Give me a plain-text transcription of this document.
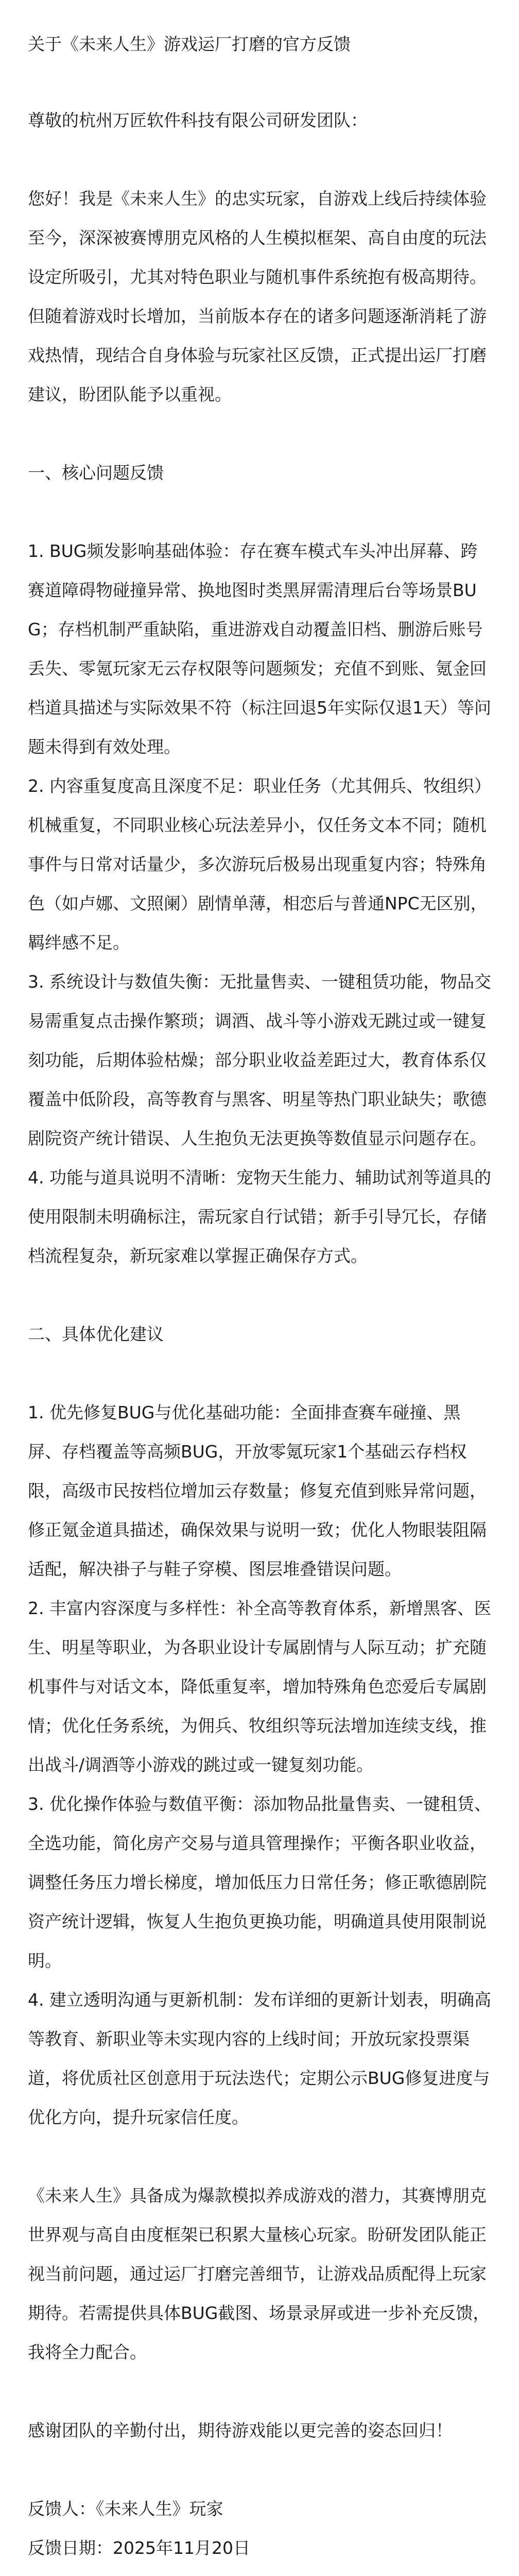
关于《未来人生》游戏运厂打磨的官方反馈

尊敬的杭州万匠软件科技有限公司研发团队：

您好！我是《未来人生》的忠实玩家，自游戏上线后持续体验至今，深深被赛博朋克风格的人生模拟框架、高自由度的玩法设定所吸引，尤其对特色职业与随机事件系统抱有极高期待。但随着游戏时长增加，当前版本存在的诸多问题逐渐消耗了游戏热情，现结合自身体验与玩家社区反馈，正式提出运厂打磨建议，盼团队能予以重视。

一、核心问题反馈

1. BUG频发影响基础体验：存在赛车模式车头冲出屏幕、跨赛道障碍物碰撞异常、换地图时类黑屏需清理后台等场景BUG；存档机制严重缺陷，重进游戏自动覆盖旧档、删游后账号丢失、零氪玩家无云存权限等问题频发；充值不到账、氪金回档道具描述与实际效果不符（标注回退5年实际仅退1天）等问题未得到有效处理。

2. 内容重复度高且深度不足：职业任务（尤其佣兵、牧组织）机械重复，不同职业核心玩法差异小，仅任务文本不同；随机事件与日常对话量少，多次游玩后极易出现重复内容；特殊角色（如卢娜、文照阑）剧情单薄，相恋后与普通NPC无区别，羁绊感不足。

3. 系统设计与数值失衡：无批量售卖、一键租赁功能，物品交易需重复点击操作繁琐；调酒、战斗等小游戏无跳过或一键复刻功能，后期体验枯燥；部分职业收益差距过大，教育体系仅覆盖中低阶段，高等教育与黑客、明星等热门职业缺失；歌德剧院资产统计错误、人生抱负无法更换等数值显示问题存在。

4. 功能与道具说明不清晰：宠物天生能力、辅助试剂等道具的使用限制未明确标注，需玩家自行试错；新手引导冗长，存储档流程复杂，新玩家难以掌握正确保存方式。

二、具体优化建议

1. 优先修复BUG与优化基础功能：全面排查赛车碰撞、黑屏、存档覆盖等高频BUG，开放零氪玩家1个基础云存档权限，高级市民按档位增加云存数量；修复充值到账异常问题，修正氪金道具描述，确保效果与说明一致；优化人物眼装阻隔适配，解决褂子与鞋子穿模、图层堆叠错误问题。

2. 丰富内容深度与多样性：补全高等教育体系，新增黑客、医生、明星等职业，为各职业设计专属剧情与人际互动；扩充随机事件与对话文本，降低重复率，增加特殊角色恋爱后专属剧情；优化任务系统，为佣兵、牧组织等玩法增加连续支线，推出战斗/调酒等小游戏的跳过或一键复刻功能。

3. 优化操作体验与数值平衡：添加物品批量售卖、一键租赁、全选功能，简化房产交易与道具管理操作；平衡各职业收益，调整任务压力增长梯度，增加低压力日常任务；修正歌德剧院资产统计逻辑，恢复人生抱负更换功能，明确道具使用限制说明。

4. 建立透明沟通与更新机制：发布详细的更新计划表，明确高等教育、新职业等未实现内容的上线时间；开放玩家投票渠道，将优质社区创意用于玩法迭代；定期公示BUG修复进度与优化方向，提升玩家信任度。

《未来人生》具备成为爆款模拟养成游戏的潜力，其赛博朋克世界观与高自由度框架已积累大量核心玩家。盼研发团队能正视当前问题，通过运厂打磨完善细节，让游戏品质配得上玩家期待。若需提供具体BUG截图、场景录屏或进一步补充反馈，我将全力配合。

感谢团队的辛勤付出，期待游戏能以更完善的姿态回归！

反馈人：《未来人生》玩家

反馈日期：2025年11月20日
